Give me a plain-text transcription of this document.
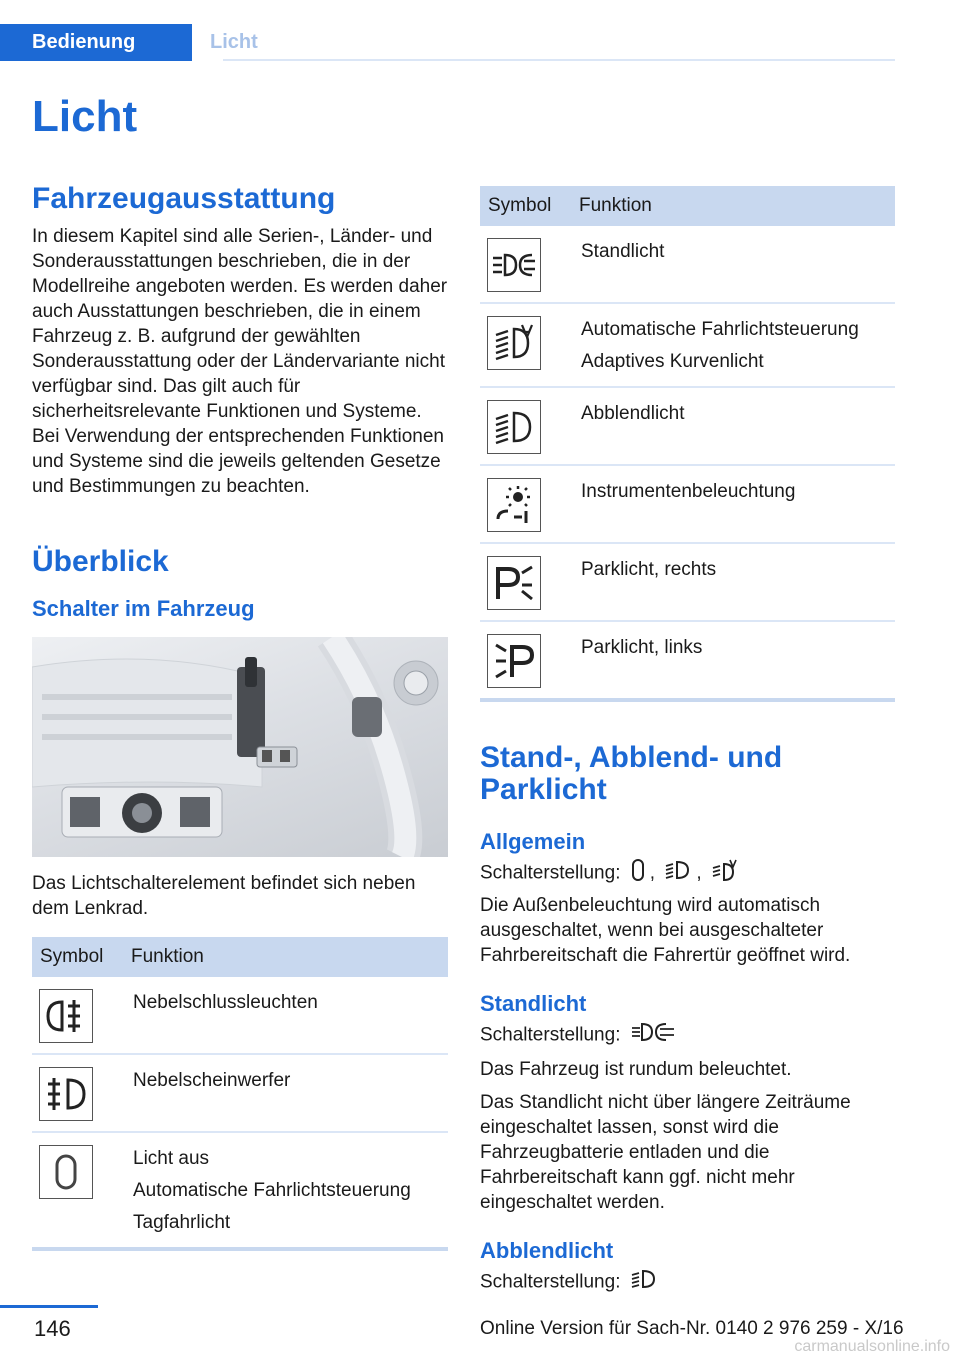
Bedienung	Licht
Licht
Fahrzeugausstattung

In diesem Kapitel sind alle Serien-, Länder- und Sonderausstattungen beschrieben, die in der Modellreihe angeboten werden. Es werden daher auch Ausstattungen beschrieben, die in einem Fahrzeug z. B. aufgrund der gewählten Sonderausstattung oder der Ländervariante nicht verfügbar sind. Das gilt auch für sicherheitsrelevante Funktionen und Systeme. Bei Verwendung der entsprechenden Funktionen und Systeme sind die jeweils geltenden Gesetze und Bestimmungen zu beachten.

Überblick
Schalter im Fahrzeug

Das Lichtschalterelement befindet sich neben dem Lenkrad.

Symbol	Funktion

Nebelschlussleuchten

Nebelscheinwerfer

Licht aus
Automatische Fahrlichtsteuerung
Tagfahrlicht
Symbol	Funktion

Standlicht

Automatische Fahrlichtsteuerung
Adaptives Kurvenlicht

Abblendlicht

Instrumentenbeleuchtung

Parklicht, rechts

Parklicht, links
Stand-, Abblend- und Parklicht
Allgemein
Schalterstellung: , ,

Die Außenbeleuchtung wird automatisch ausgeschaltet, wenn bei ausgeschalteter Fahrbereitschaft die Fahrertür geöffnet wird.

Standlicht
Schalterstellung:

Das Fahrzeug ist rundum beleuchtet.

Das Standlicht nicht über längere Zeiträume eingeschaltet lassen, sonst wird die Fahrzeugbatterie entladen und die Fahrbereitschaft kann ggf. nicht mehr eingeschaltet werden.

Abblendlicht
Schalterstellung:
146	Online Version für Sach-Nr. 0140 2 976 259 - X/16
carmanualsonline.info
